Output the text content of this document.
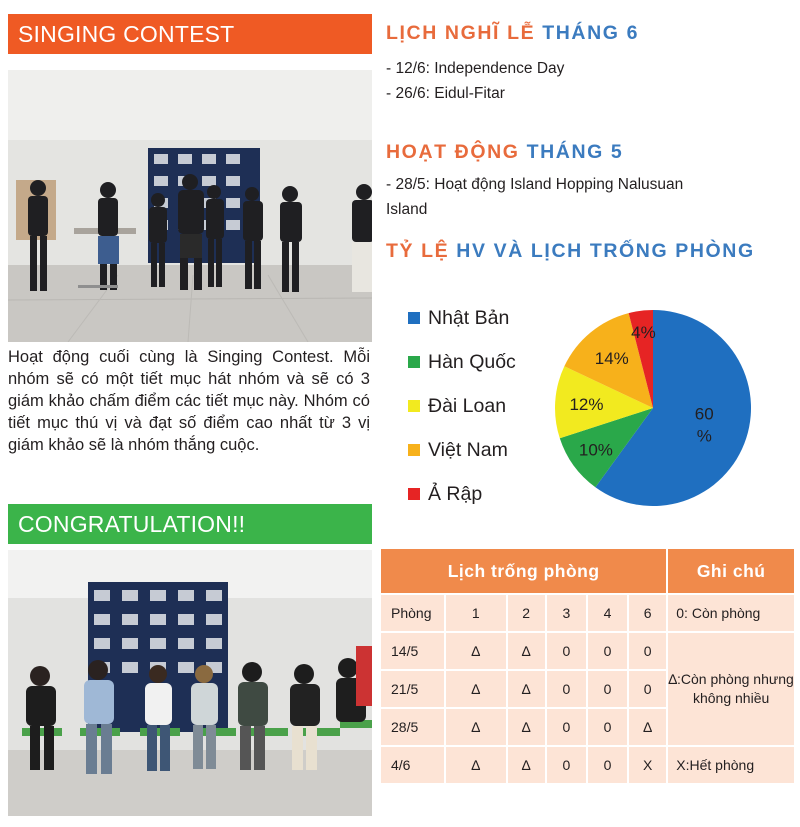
SINGING CONTEST

Hoạt động cuối cùng là Singing Contest. Mỗi nhóm sẽ có một tiết mục hát nhóm và sẽ có 3 giám khảo chấm điểm các tiết mục này. Nhóm có tiết mục thú vị và đạt số điểm cao nhất từ 3 vị giám khảo sẽ là nhóm thắng cuộc.

CONGRATULATION!!
LỊCH NGHĨ LỄ THÁNG 6
- 12/6: Independence Day
- 26/6: Eidul-Fitar
HOẠT ĐỘNG THÁNG 5
- 28/5: Hoạt động Island Hopping Nalusuan Island
TỶ LỆ HV VÀ LỊCH TRỐNG PHÒNG
Nhật Bản
Hàn Quốc
Đài Loan
Việt Nam
Ả Rập
60 %
10%
12%
14%
4%
Lịch trống phòng						Ghi chú
Phòng	1	2	3	4	6	0: Còn phòng
14/5	∆	∆	0	0	0	∆:Còn phòng nhưng không nhiều
21/5	∆	∆	0	0	0	
28/5	∆	∆	0	0	∆	
4/6	∆	∆	0	0	X	X:Hết phòng
